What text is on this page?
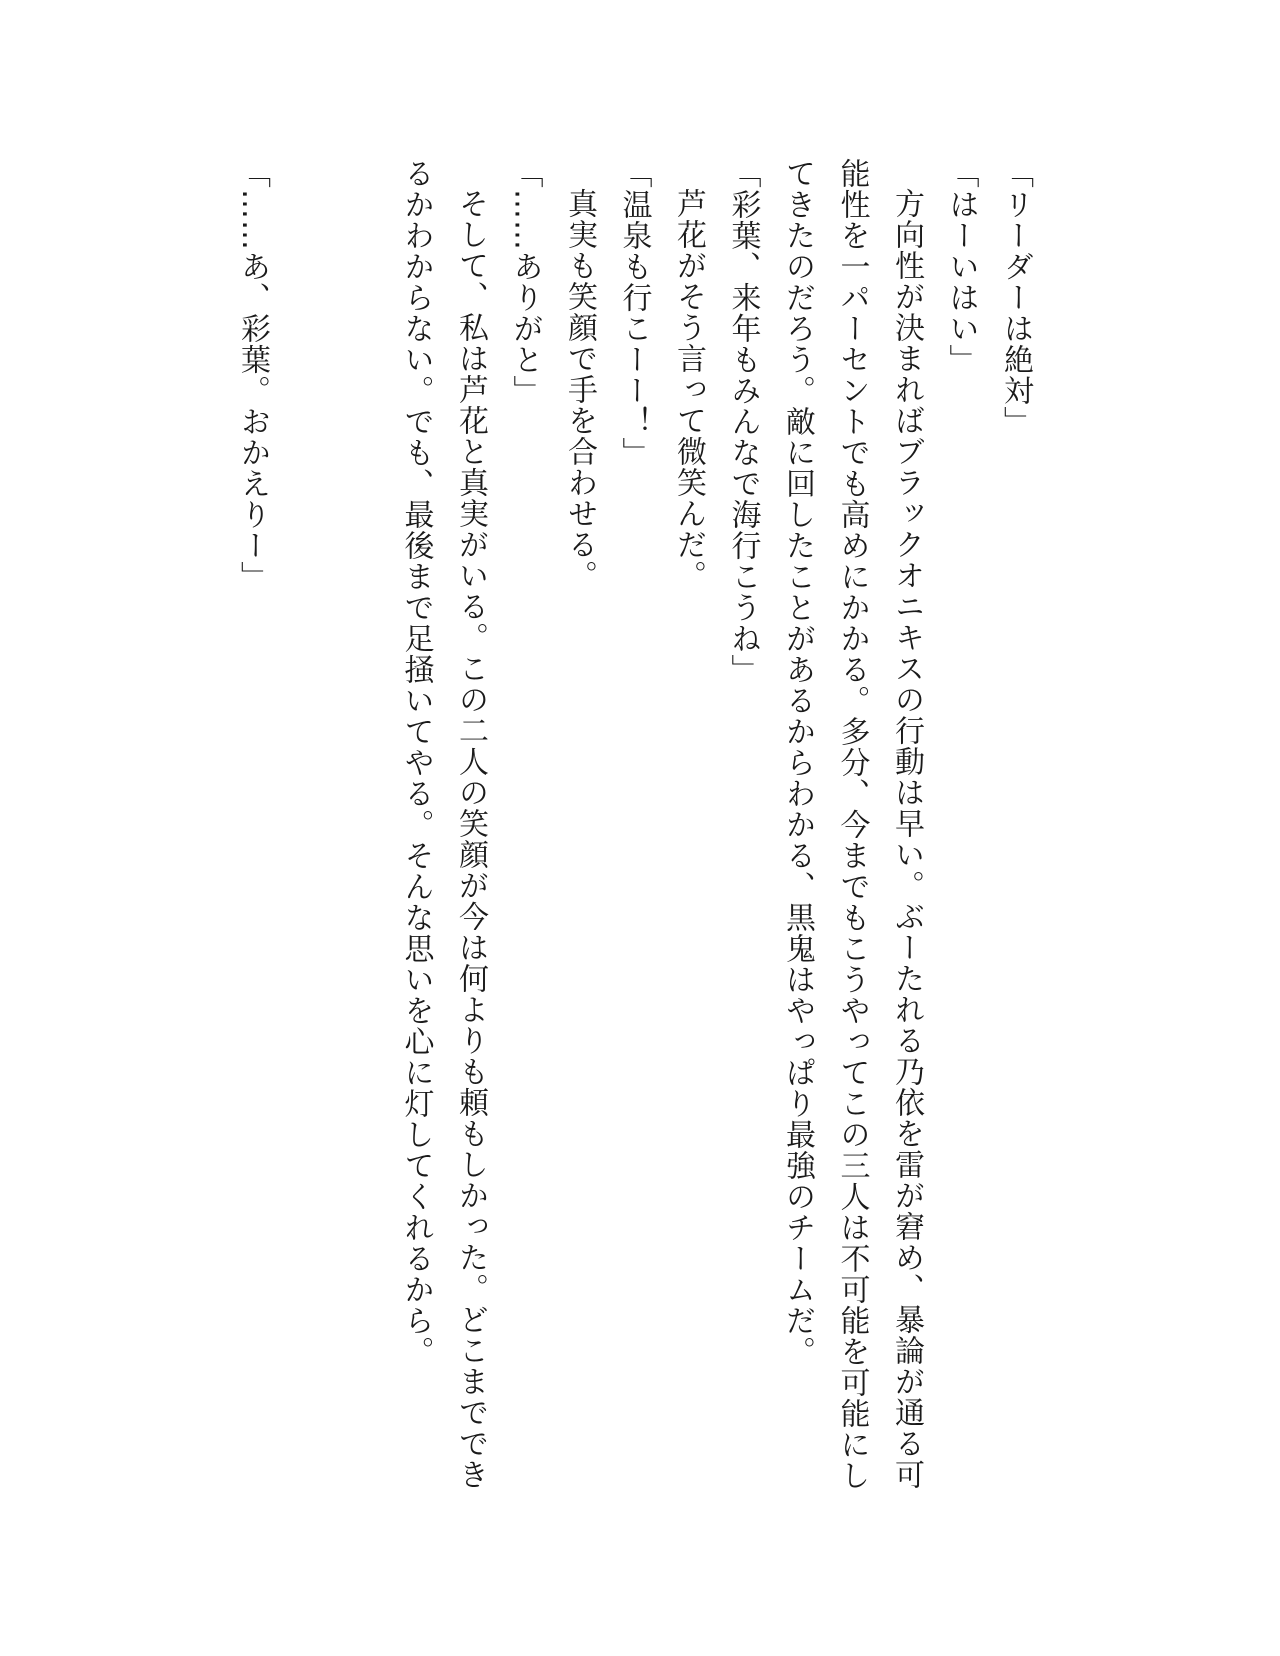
「リーダーは絶対」

「はーいはい」

方向性が決まればブラックオニキスの行動は早い。ぶーたれる乃依を雷が窘め、暴論が通る可能性を一パーセントでも高めにかかる。多分、今までもこうやってこの三人は不可能を可能にしてきたのだろう。敵に回したことがあるからわかる、黒鬼はやっぱり最強のチームだ。

「彩葉、来年もみんなで海行こうね」

芦花がそう言って微笑んだ。

「温泉も行こーー！」

真実も笑顔で手を合わせる。

「……ありがと」

そして、私は芦花と真実がいる。この二人の笑顔が今は何よりも頼もしかった。どこまでできるかわからない。でも、最後まで足掻いてやる。そんな思いを心に灯してくれるから。

「……あ、彩葉。おかえりー」
